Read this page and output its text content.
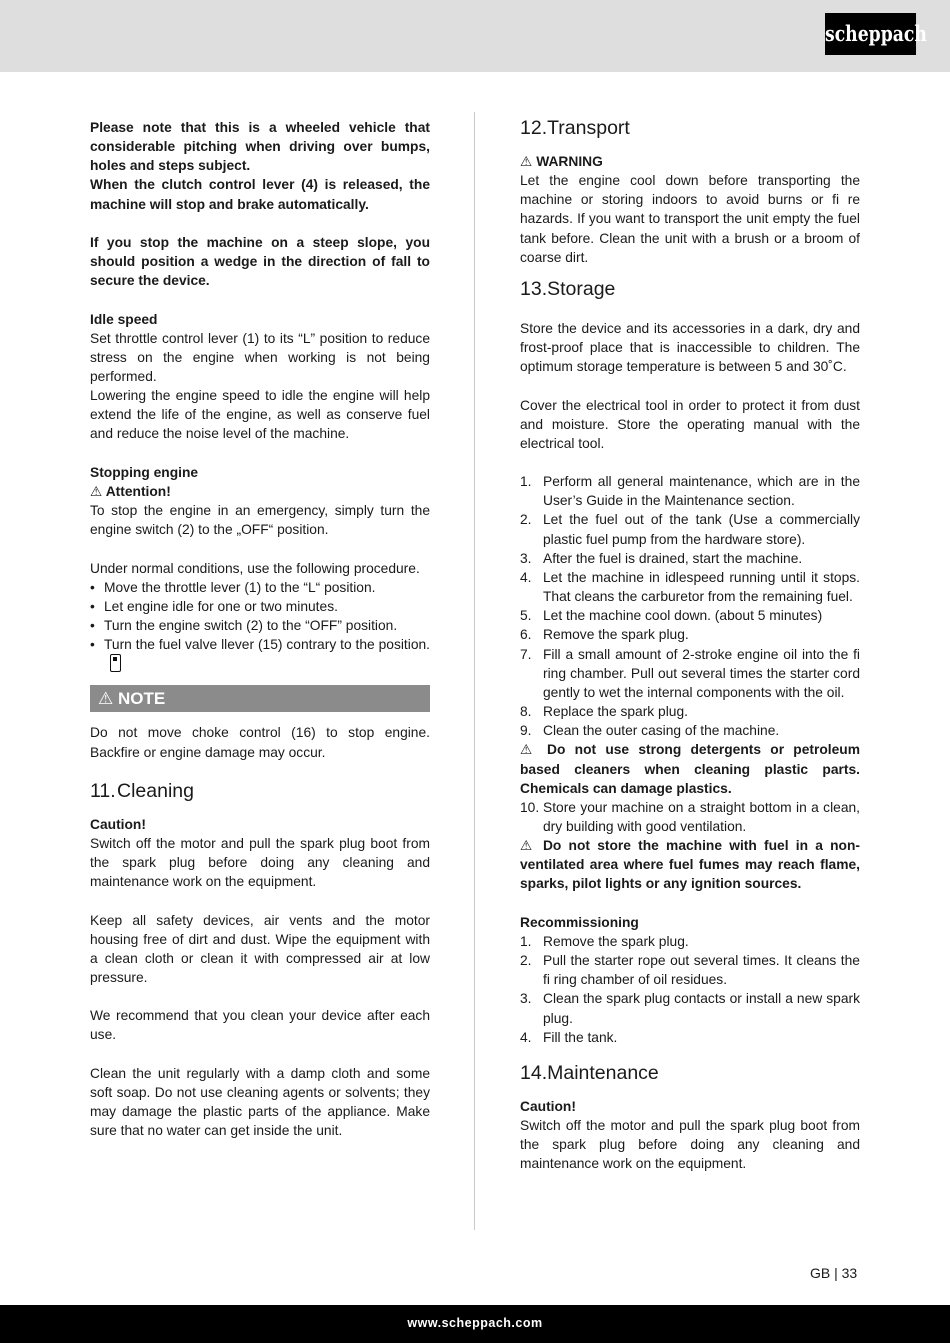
scheppach

Please note that this is a wheeled vehicle that considerable pitching when driving over bumps, holes and steps subject.

When the clutch control lever (4) is released, the machine will stop and brake automatically.

If you stop the machine on a steep slope, you should position a wedge in the direction of fall to secure the device.

Idle speed

Set throttle control lever (1) to its “L” position to reduce stress on the engine when working is not being performed.

Lowering the engine speed to idle the engine will help extend the life of the engine, as well as conserve fuel and reduce the noise level of the machine.

Stopping engine

⚠ Attention!

To stop the engine in an emergency, simply turn the engine switch (2) to the „OFF“ position.

Under normal conditions, use the following procedure.

• Move the throttle lever (1) to the “L“ position.
• Let engine idle for one or two minutes.
• Turn the engine switch (2) to the “OFF” position.
• Turn the fuel valve llever (15) contrary to the position.
⚠ NOTE

Do not move choke control (16) to stop engine. Backfire or engine damage may occur.

11.Cleaning

Caution!

Switch off the motor and pull the spark plug boot from the spark plug before doing any cleaning and maintenance work on the equipment.

Keep all safety devices, air vents and the motor housing free of dirt and dust. Wipe the equipment with a clean cloth or clean it with compressed air at low pressure.

We recommend that you clean your device after each use.

Clean the unit regularly with a damp cloth and some soft soap. Do not use cleaning agents or solvents; they may damage the plastic parts of the appliance. Make sure that no water can get inside the unit.

12.Transport

⚠ WARNING

Let the engine cool down before transporting the machine or storing indoors to avoid burns or fi re hazards. If you want to transport the unit empty the fuel tank before. Clean the unit with a brush or a broom of coarse dirt.

13.Storage

Store the device and its accessories in a dark, dry and frost-proof place that is inaccessible to children. The optimum storage temperature is between 5 and 30˚C.

Cover the electrical tool in order to protect it from dust and moisture. Store the operating manual with the electrical tool.

1. Perform all general maintenance, which are in the User’s Guide in the Maintenance section.
2. Let the fuel out of the tank (Use a commercially plastic fuel pump from the hardware store).
3. After the fuel is drained, start the machine.
4. Let the machine in idlespeed running until it stops. That cleans the carburetor from the remaining fuel.
5. Let the machine cool down. (about 5 minutes)
6. Remove the spark plug.
7. Fill a small amount of 2-stroke engine oil into the fi ring chamber. Pull out several times the starter cord gently to wet the internal components with the oil.
8. Replace the spark plug.
9. Clean the outer casing of the machine.

⚠ Do not use strong detergents or petroleum based cleaners when cleaning plastic parts. Chemicals can damage plastics.

10. Store your machine on a straight bottom in a clean, dry building with good ventilation.

⚠ Do not store the machine with fuel in a non-ventilated area where fuel fumes may reach flame, sparks, pilot lights or any ignition sources.

Recommissioning

1. Remove the spark plug.
2. Pull the starter rope out several times. It cleans the fi ring chamber of oil residues.
3. Clean the spark plug contacts or install a new spark plug.
4. Fill the tank.
14.Maintenance

Caution!

Switch off the motor and pull the spark plug boot from the spark plug before doing any cleaning and maintenance work on the equipment.

GB | 33
www.scheppach.com
